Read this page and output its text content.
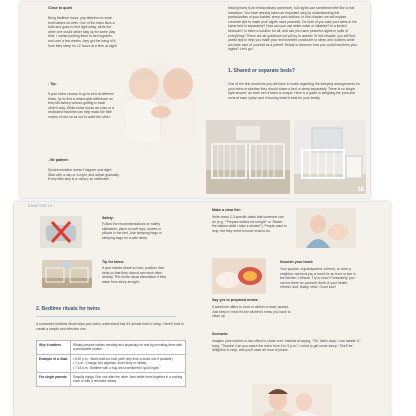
Close to quiet
Bring bedtime hours, pay attention to what both babies do best. One of the twins likes a bath and goes to bed right away, while the other one would rather stay up for some play time. I started putting them to bed together, and over a few weeks, they got the hang of it. Now they sleep for 12 hours at a time at night!
- Tip:
If your twins choose to go to bed at different times, try to find a reasonable difference so they fall asleep without getting in each other's way. White noise works as a fan or a dedicated machine can help mask the little noises of one so as not to wake the other.
- Be patient:
Synchronization doesn't happen overnight. Start with a nap or a night, and adjust gradually. Every little step is a victory, so celebrate!
Having twins is an extraordinary adventure, but nights can sometimes feel like a real marathon. You have already taken an important step by understanding the particularities of your babies' sleep and routines. In this chapter, we will explore concrete tips to make your nights more peaceful. Do both of you take your twins in the same bed or separately? How can you use white noise or lullabies? In a limited bedroom? Is there a solution for all, and can you have peaceful nights in spite of everything? These are all questions we will try to answer. In this chapter, you will find useful tips to help you make your environment conducive to sleep and routines while you take care of yourself as a parent. Ready to discover how you could transform your nights? Let's go!
1. Shared or separate beds?
One of the first decisions you will have to make regarding the sleeping arrangements for your twins is whether they should share a bed or sleep separately. There is no single right answer, as each set of twins is unique. Here is a guide to weighing the pros and cons of each option and choosing what is best for your family.
18
CHAPTER III
Safety:
Follow the recommendations on safety standards: place no soft toys, duvets or pillows in the bed. Use sleeping bags or sleeping bags for a safe sleep.
Tip for twins:
If your babies share a room, position their beds so that they cannot see each other directly. This limits visual stimulation if they wake from sleep at night.
2. Bedtime rituals for twins
A consistent bedtime ritual helps your twins understand that it's almost time to sleep. Here's how to create a simple and effective one.
Why it matters	Rituals prepare babies mentally and physically for rest by providing them with a predictable routine.
Example of a ritual	• 6:30 p.m.: Warm bath for both (with help from a loved one if possible).
• 7 p.m.: Change into pajamas, short story or lullaby.
• 7:15 p.m.: Bedtime with a hug and a whispered "good night."

For single parents	Simplify things: Run one after the other, then settle them together in a rocking chair or with a recorded lullaby.
Make a clear list:
Write down 2-3 specific tasks that someone can do (e.g., "Prepare bottles for tonight" or "Watch the babies while I take a shower"). People want to help, but they need to know what to do.
Nourish your heart:
Your spouse, a grandparent, a friend, or even a neighbor can lend you a hand for an hour or two in the kitchen. Unhook. Try to relax! Fortunately, you can be there for yourself, think of your health, refresh, and, finally, relax. Good luck!
Say yes to prepared meals:
If someone offers to cook or deliver a meal, accept. Just keep in mind it's the kitchen's mess you have to clean up.
Scenario:
Imagine your mother-in-law offers to come over. Instead of saying, "Oh, that's okay, I can handle it," reply, "Thanks! Can you watch the twins from 4 to 5 p.m.? I need to get some sleep." She'll be delighted to help, and you'll have an hour of peace.
